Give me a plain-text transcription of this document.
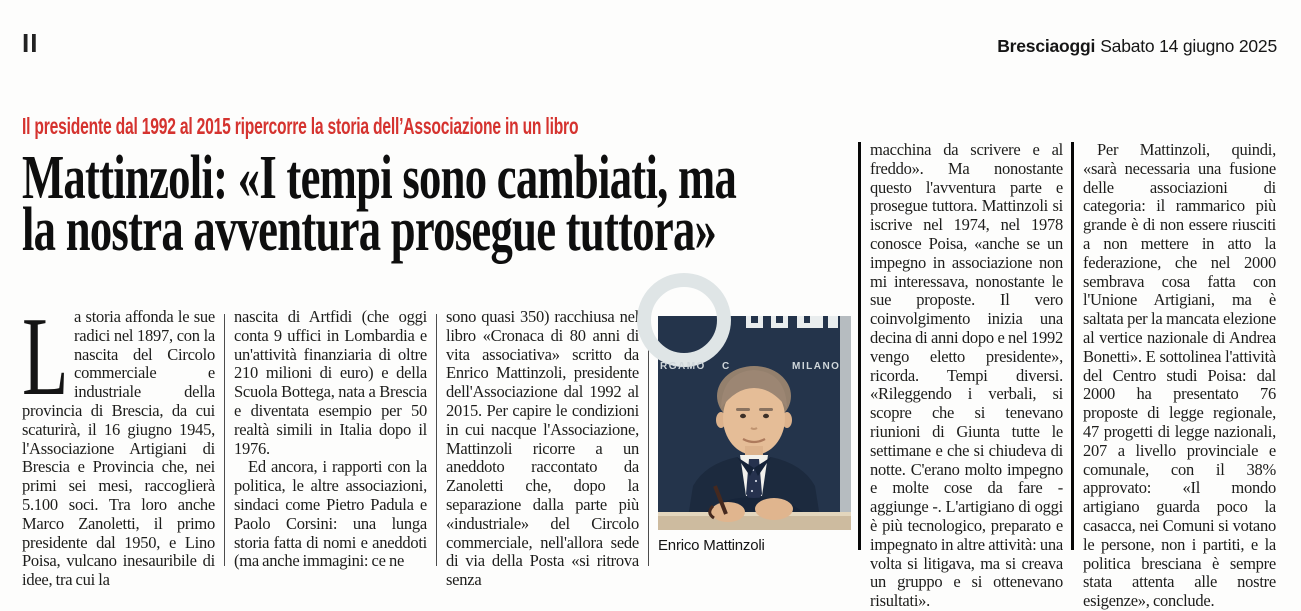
II	Bresciaoggi Sabato 14 giugno 2025
Il presidente dal 1992 al 2015 ripercorre la storia dell’Associazione in un libro
Mattinzoli: «I tempi sono cambiati, ma
la nostra avventura prosegue tuttora»

La storia affonda le sue radici nel 1897, con la nascita del Circolo commerciale e industriale della provincia di Brescia, da cui scaturirà, il 16 giugno 1945, l'Associazione Artigiani di Brescia e Provincia che, nei primi sei mesi, raccoglierà 5.100 soci. Tra loro anche Marco Zanoletti, il primo presidente dal 1950, e Lino Poisa, vulcano inesauribile di idee, tra cui la

nascita di Artfidi (che oggi conta 9 uffici in Lombardia e un'attività finanziaria di oltre 210 milioni di euro) e della Scuola Bottega, nata a Brescia e diventata esempio per 50 realtà simili in Italia dopo il 1976.

Ed ancora, i rapporti con la politica, le altre associazioni, sindaci come Pietro Padula e Paolo Corsini: una lunga storia fatta di nomi e aneddoti (ma anche immagini: ce ne

sono quasi 350) racchiusa nel libro «Cronaca di 80 anni di vita associativa» scritto da Enrico Mattinzoli, presidente dell'Associazione dal 1992 al 2015. Per capire le condizioni in cui nacque l'Associazione, Mattinzoli ricorre a un aneddoto raccontato da Zanoletti che, dopo la separazione dalla parte più «industriale» del Circolo commerciale, nell'allora sede di via della Posta «si ritrova senza

RGAMO C	MILANO
Enrico Mattinzoli

macchina da scrivere e al freddo». Ma nonostante questo l'avventura parte e prosegue tuttora. Mattinzoli si iscrive nel 1974, nel 1978 conosce Poisa, «anche se un impegno in associazione non mi interessava, nonostante le sue proposte. Il vero coinvolgimento inizia una decina di anni dopo e nel 1992 vengo eletto presidente», ricorda. Tempi diversi. «Rileggendo i verbali, si scopre che si tenevano riunioni di Giunta tutte le settimane e che si chiudeva di notte. C'erano molto impegno e molte cose da fare - aggiunge -. L'artigiano di oggi è più tecnologico, preparato e impegnato in altre attività: una volta si litigava, ma si creava un gruppo e si ottenevano risultati».

Per Mattinzoli, quindi, «sarà necessaria una fusione delle associazioni di categoria: il rammarico più grande è di non essere riusciti a non mettere in atto la federazione, che nel 2000 sembrava cosa fatta con l'Unione Artigiani, ma è saltata per la mancata elezione al vertice nazionale di Andrea Bonetti». E sottolinea l'attività del Centro studi Poisa: dal 2000 ha presentato 76 proposte di legge regionale, 47 progetti di legge nazionali, 207 a livello provinciale e comunale, con il 38% approvato: «Il mondo artigiano guarda poco la casacca, nei Comuni si votano le persone, non i partiti, e la politica bresciana è sempre stata attenta alle nostre esigenze», conclude.
